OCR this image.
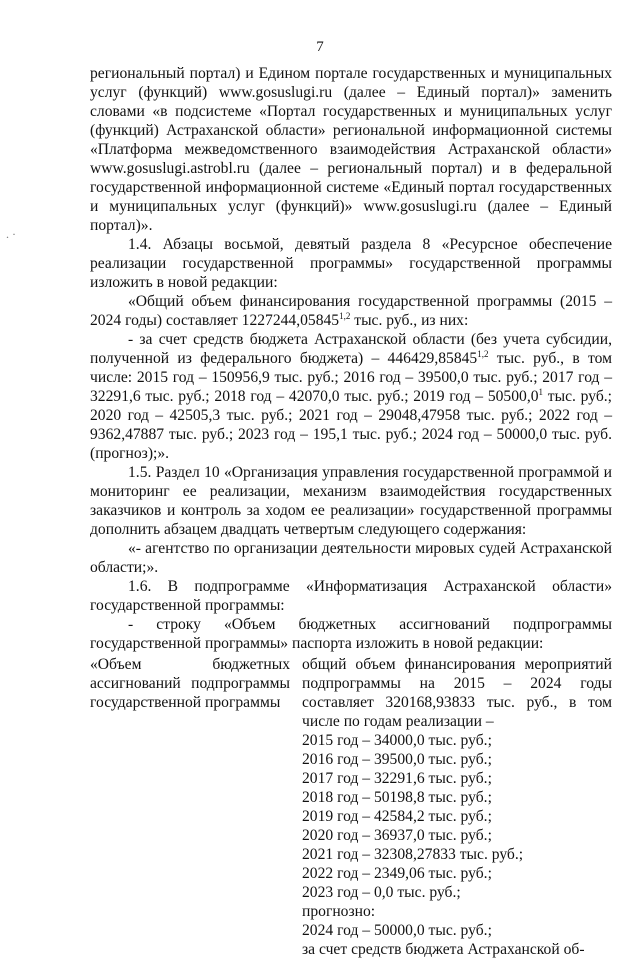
7
. ·

региональный портал) и Едином портале государственных и муниципальных услуг (функций) www.gosuslugi.ru (далее – Единый портал)» заменить словами «в подсистеме «Портал государственных и муниципальных услуг (функций) Астраханской области» региональной информационной системы «Платформа межведомственного взаимодействия Астраханской области» www.gosuslugi.astrobl.ru (далее – региональный портал) и в федеральной государственной информационной системе «Единый портал государственных и муниципальных услуг (функций)» www.gosuslugi.ru (далее – Единый портал)».

1.4. Абзацы восьмой, девятый раздела 8 «Ресурсное обеспечение реализации государственной программы» государственной программы изложить в новой редакции:

«Общий объем финансирования государственной программы (2015 – 2024 годы) составляет 1227244,05845$^{1,2}$ тыс. руб., из них:

- за счет средств бюджета Астраханской области (без учета субсидии, полученной из федерального бюджета) – 446429,85845$^{1,2}$ тыс. руб., в том числе: 2015 год – 150956,9 тыс. руб.; 2016 год – 39500,0 тыс. руб.; 2017 год – 32291,6 тыс. руб.; 2018 год – 42070,0 тыс. руб.; 2019 год – 50500,0$^1$ тыс. руб.; 2020 год – 42505,3 тыс. руб.; 2021 год – 29048,47958 тыс. руб.; 2022 год – 9362,47887 тыс. руб.; 2023 год – 195,1 тыс. руб.; 2024 год – 50000,0 тыс. руб. (прогноз);».

1.5. Раздел 10 «Организация управления государственной программой и мониторинг ее реализации, механизм взаимодействия государственных заказчиков и контроль за ходом ее реализации» государственной программы дополнить абзацем двадцать четвертым следующего содержания:

«- агентство по организации деятельности мировых судей Астраханской области;».

1.6. В подпрограмме «Информатизация Астраханской области» государственной программы:

- строку «Объем бюджетных ассигнований подпрограммы государственной программы» паспорта изложить в новой редакции:

«Объем бюджетных ассигнований подпрограммы государственной программы

общий объем финансирования мероприятий подпрограммы на 2015 – 2024 годы составляет 320168,93833 тыс. руб., в том числе по годам реализации –

2015 год – 34000,0 тыс. руб.;

2016 год – 39500,0 тыс. руб.;

2017 год – 32291,6 тыс. руб.;

2018 год – 50198,8 тыс. руб.;

2019 год – 42584,2 тыс. руб.;

2020 год – 36937,0 тыс. руб.;

2021 год – 32308,27833 тыс. руб.;

2022 год – 2349,06 тыс. руб.;

2023 год – 0,0 тыс. руб.;

прогнозно:

2024 год – 50000,0 тыс. руб.;

за счет средств бюджета Астраханской об-
